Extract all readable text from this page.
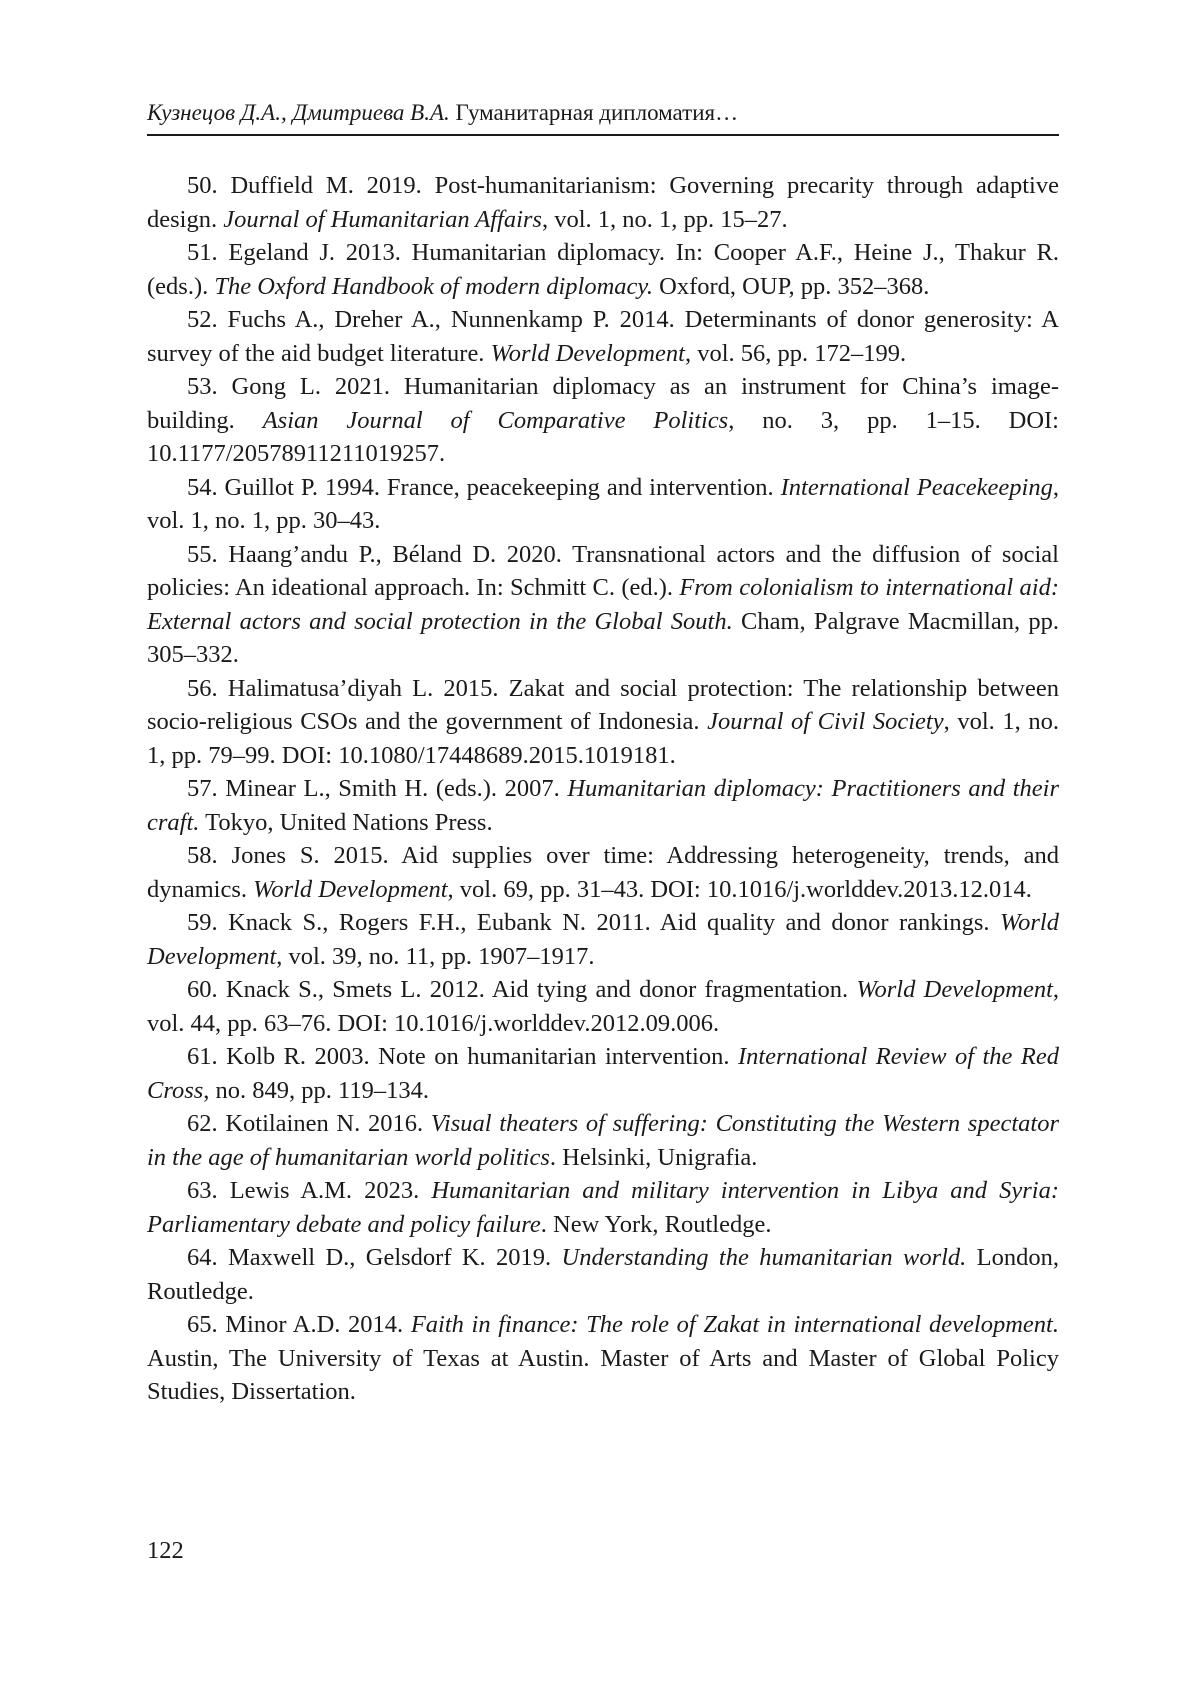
Кузнецов Д.А., Дмитриева В.А. Гуманитарная дипломатия…

50. Duffield M. 2019. Post-humanitarianism: Governing precarity through adaptive design. Journal of Humanitarian Affairs, vol. 1, no. 1, pp. 15–27.

51. Egeland J. 2013. Humanitarian diplomacy. In: Cooper A.F., Heine J., Thakur R. (eds.). The Oxford Handbook of modern diplomacy. Oxford, OUP, pp. 352–368.

52. Fuchs A., Dreher A., Nunnenkamp P. 2014. Determinants of donor generosity: A survey of the aid budget literature. World Development, vol. 56, pp. 172–199.

53. Gong L. 2021. Humanitarian diplomacy as an instrument for China’s image-building. Asian Journal of Comparative Politics, no. 3, pp. 1–15. DOI: 10.1177/20578911211019257.

54. Guillot P. 1994. France, peacekeeping and intervention. International Peacekeeping, vol. 1, no. 1, pp. 30–43.

55. Haang’andu P., Béland D. 2020. Transnational actors and the diffusion of social policies: An ideational approach. In: Schmitt C. (ed.). From colonialism to international aid: External actors and social protection in the Global South. Cham, Palgrave Macmillan, pp. 305–332.

56. Halimatusa’diyah L. 2015. Zakat and social protection: The relationship between socio-religious CSOs and the government of Indonesia. Journal of Civil Society, vol. 1, no. 1, pp. 79–99. DOI: 10.1080/17448689.2015.1019181.

57. Minear L., Smith H. (eds.). 2007. Humanitarian diplomacy: Practitioners and their craft. Tokyo, United Nations Press.

58. Jones S. 2015. Aid supplies over time: Addressing heterogeneity, trends, and dynamics. World Development, vol. 69, pp. 31–43. DOI: 10.1016/j.worlddev.2013.12.014.

59. Knack S., Rogers F.H., Eubank N. 2011. Aid quality and donor rankings. World Development, vol. 39, no. 11, pp. 1907–1917.

60. Knack S., Smets L. 2012. Aid tying and donor fragmentation. World Development, vol. 44, pp. 63–76. DOI: 10.1016/j.worlddev.2012.09.006.

61. Kolb R. 2003. Note on humanitarian intervention. International Review of the Red Cross, no. 849, pp. 119–134.

62. Kotilainen N. 2016. Visual theaters of suffering: Constituting the Western spectator in the age of humanitarian world politics. Helsinki, Unigrafia.

63. Lewis A.M. 2023. Humanitarian and military intervention in Libya and Syria: Parliamentary debate and policy failure. New York, Routledge.

64. Maxwell D., Gelsdorf K. 2019. Understanding the humanitarian world. London, Routledge.

65. Minor A.D. 2014. Faith in finance: The role of Zakat in international development. Austin, The University of Texas at Austin. Master of Arts and Master of Global Policy Studies, Dissertation.

122
